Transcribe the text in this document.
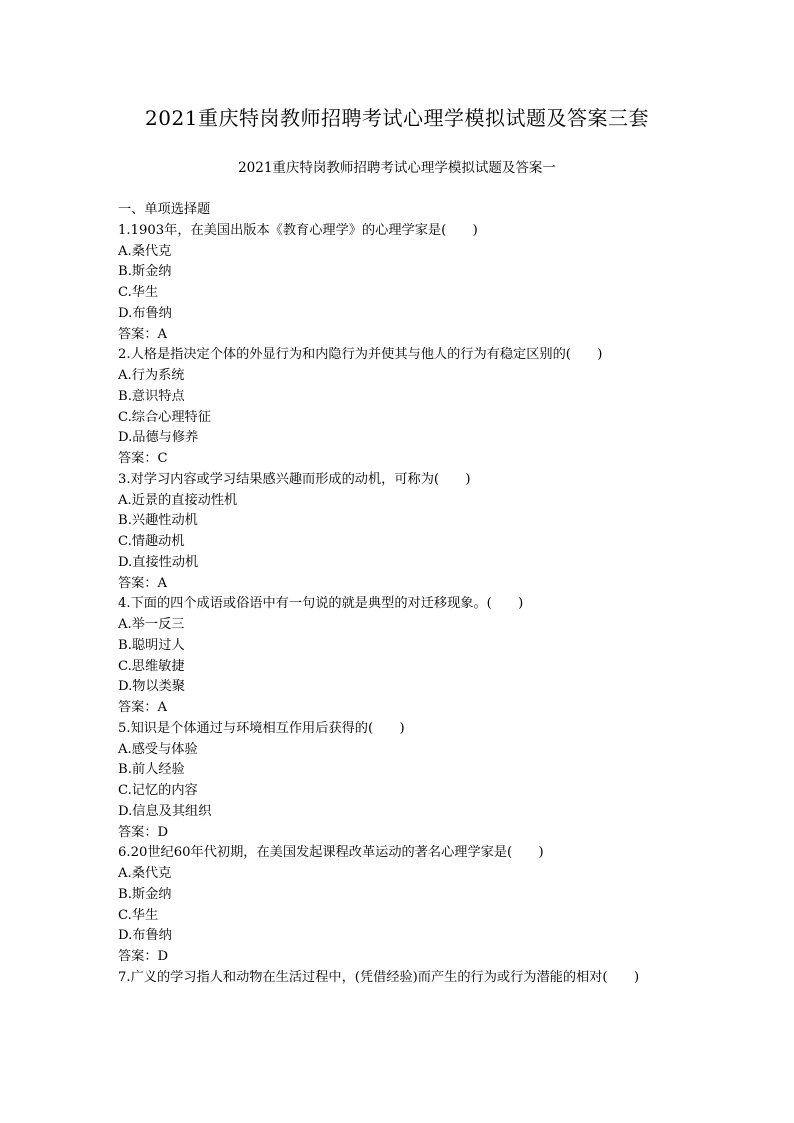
2021重庆特岗教师招聘考试心理学模拟试题及答案三套
2021重庆特岗教师招聘考试心理学模拟试题及答案一
一、单项选择题
1.1903年，在美国出版本《教育心理学》的心理学家是(　　)
A.桑代克
B.斯金纳
C.华生
D.布鲁纳
答案：A
2.人格是指决定个体的外显行为和内隐行为并使其与他人的行为有稳定区别的(　　)
A.行为系统
B.意识特点
C.综合心理特征
D.品德与修养
答案：C
3.对学习内容或学习结果感兴趣而形成的动机，可称为(　　)
A.近景的直接动性机
B.兴趣性动机
C.情趣动机
D.直接性动机
答案：A
4.下面的四个成语或俗语中有一句说的就是典型的对迁移现象。(　　)
A.举一反三
B.聪明过人
C.思维敏捷
D.物以类聚
答案：A
5.知识是个体通过与环境相互作用后获得的(　　)
A.感受与体验
B.前人经验
C.记忆的内容
D.信息及其组织
答案：D
6.20世纪60年代初期，在美国发起课程改革运动的著名心理学家是(　　)
A.桑代克
B.斯金纳
C.华生
D.布鲁纳
答案：D
7.广义的学习指人和动物在生活过程中，(凭借经验)而产生的行为或行为潜能的相对(　　)
